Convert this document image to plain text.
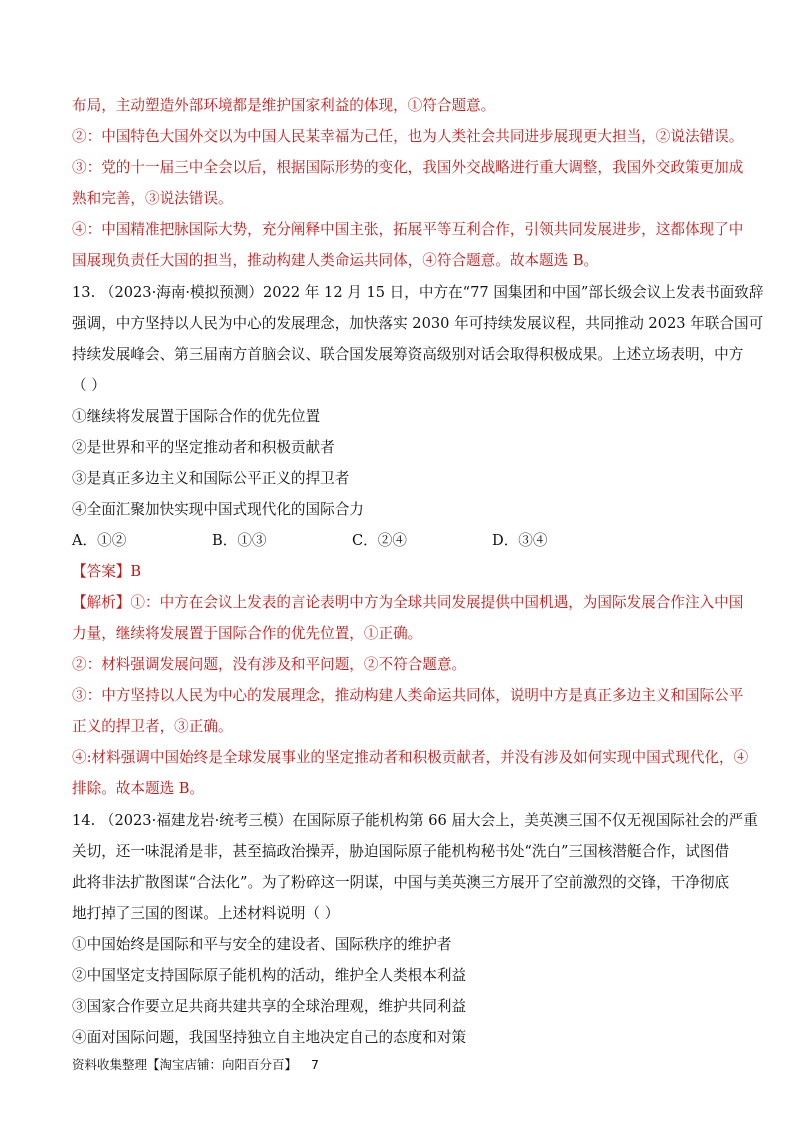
布局，主动塑造外部环境都是维护国家利益的体现，①符合题意。
②：中国特色大国外交以为中国人民某幸福为己任，也为人类社会共同进步展现更大担当，②说法错误。
③：党的十一届三中全会以后，根据国际形势的变化，我国外交战略进行重大调整，我国外交政策更加成
熟和完善，③说法错误。
④：中国精准把脉国际大势，充分阐释中国主张，拓展平等互利合作，引领共同发展进步，这都体现了中
国展现负责任大国的担当，推动构建人类命运共同体，④符合题意。故本题选 B。
13. （2023·海南·模拟预测）2022 年 12 月 15 日，中方在“77 国集团和中国”部长级会议上发表书面致辞
强调，中方坚持以人民为中心的发展理念，加快落实 2030 年可持续发展议程，共同推动 2023 年联合国可
持续发展峰会、第三届南方首脑会议、联合国发展筹资高级别对话会取得积极成果。上述立场表明，中方
（ ）
①继续将发展置于国际合作的优先位置
②是世界和平的坚定推动者和积极贡献者
③是真正多边主义和国际公平正义的捍卫者
④全面汇聚加快实现中国式现代化的国际合力
A．①②	B．①③	C．②④	D．③④
【答案】B
【解析】①：中方在会议上发表的言论表明中方为全球共同发展提供中国机遇，为国际发展合作注入中国
力量，继续将发展置于国际合作的优先位置，①正确。
②：材料强调发展问题，没有涉及和平问题，②不符合题意。
③：中方坚持以人民为中心的发展理念，推动构建人类命运共同体，说明中方是真正多边主义和国际公平
正义的捍卫者，③正确。
④:材料强调中国始终是全球发展事业的坚定推动者和积极贡献者，并没有涉及如何实现中国式现代化，④
排除。故本题选 B。
14. （2023·福建龙岩·统考三模）在国际原子能机构第 66 届大会上，美英澳三国不仅无视国际社会的严重
关切，还一味混淆是非，甚至搞政治操弄，胁迫国际原子能机构秘书处“洗白”三国核潜艇合作，试图借
此将非法扩散图谋“合法化”。为了粉碎这一阴谋，中国与美英澳三方展开了空前激烈的交锋，干净彻底
地打掉了三国的图谋。上述材料说明（ ）
①中国始终是国际和平与安全的建设者、国际秩序的维护者
②中国坚定支持国际原子能机构的活动，维护全人类根本利益
③国家合作要立足共商共建共享的全球治理观，维护共同利益
④面对国际问题，我国坚持独立自主地决定自己的态度和对策
资料收集整理【淘宝店铺：向阳百分百】 7
